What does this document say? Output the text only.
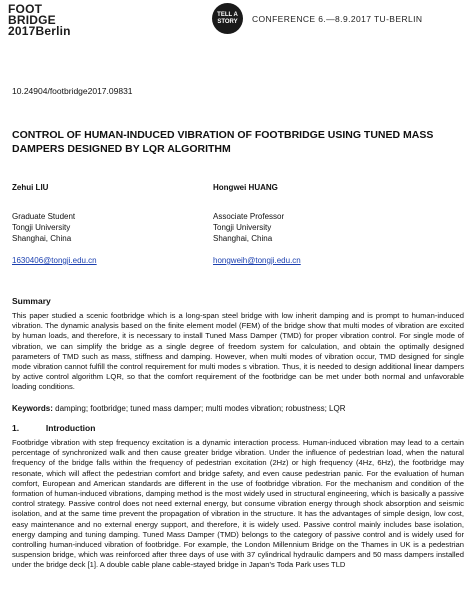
FOOT
BRIDGE
2017Berlin
TELL A
STORY CONFERENCE 6.—8.9.2017 TU-BERLIN
10.24904/footbridge2017.09831
CONTROL OF HUMAN-INDUCED VIBRATION OF FOOTBRIDGE USING TUNED MASS DAMPERS DESIGNED BY LQR ALGORITHM
Zehui LIU
Graduate Student
Tongji University
Shanghai, China
1630406@tongji.edu.cn
Hongwei HUANG
Associate Professor
Tongji University
Shanghai, China
hongweih@tongji.edu.cn
Summary
This paper studied a scenic footbridge which is a long-span steel bridge with low inherit damping and is prompt to human-induced vibration. The dynamic analysis based on the finite element model (FEM) of the bridge show that multi modes of vibration are excited by human loads, and therefore, it is necessary to install Tuned Mass Damper (TMD) for proper vibration control. For single mode of vibration, we can simplify the bridge as a single degree of freedom system for calculation, and obtain the optimally designed parameters of TMD such as mass, stiffness and damping. However, when multi modes of vibration occur, TMD designed for single mode vibration cannot fulfill the control requirement for multi modes s vibration. Thus, it is needed to design additional linear dampers by active control algorithm LQR, so that the comfort requirement of the footbridge can be met under both normal and unfavorable loading conditions.
Keywords: damping; footbridge; tuned mass damper; multi modes vibration; robustness; LQR
1.	Introduction
Footbridge vibration with step frequency excitation is a dynamic interaction process. Human-induced vibration may lead to a certain percentage of synchronized walk and then cause greater bridge vibration. Under the influence of pedestrian load, when the natural frequency of the bridge falls within the frequency of pedestrian excitation (2Hz) or high frequency (4Hz, 6Hz), the footbridge may resonate, which will affect the pedestrian comfort and bridge safety, and even cause pedestrian panic. For the evaluation of human comfort, European and American standards are different in the use of footbridge vibration. For the mechanism and condition of the formation of human-induced vibrations, damping method is the most widely used in structural engineering, which is basically a passive control strategy. Passive control does not need external energy, but consume vibration energy through shock absorption and seismic isolation, and at the same time prevent the propagation of vibration in the structure. It has the advantages of simple design, low cost, easy maintenance and no external energy support, and therefore, it is widely used. Passive control mainly includes base isolation, energy damping and tuning damping. Tuned Mass Damper (TMD) belongs to the category of passive control and is widely used for controlling human-induced vibration of footbridge. For example, the London Millennium Bridge on the Thames in UK is a pedestrian suspension bridge, which was reinforced after three days of use with 37 cylindrical hydraulic dampers and 50 mass dampers installed under the bridge deck [1]. A double cable plane cable-stayed bridge in Japan's Toda Park uses TLD
